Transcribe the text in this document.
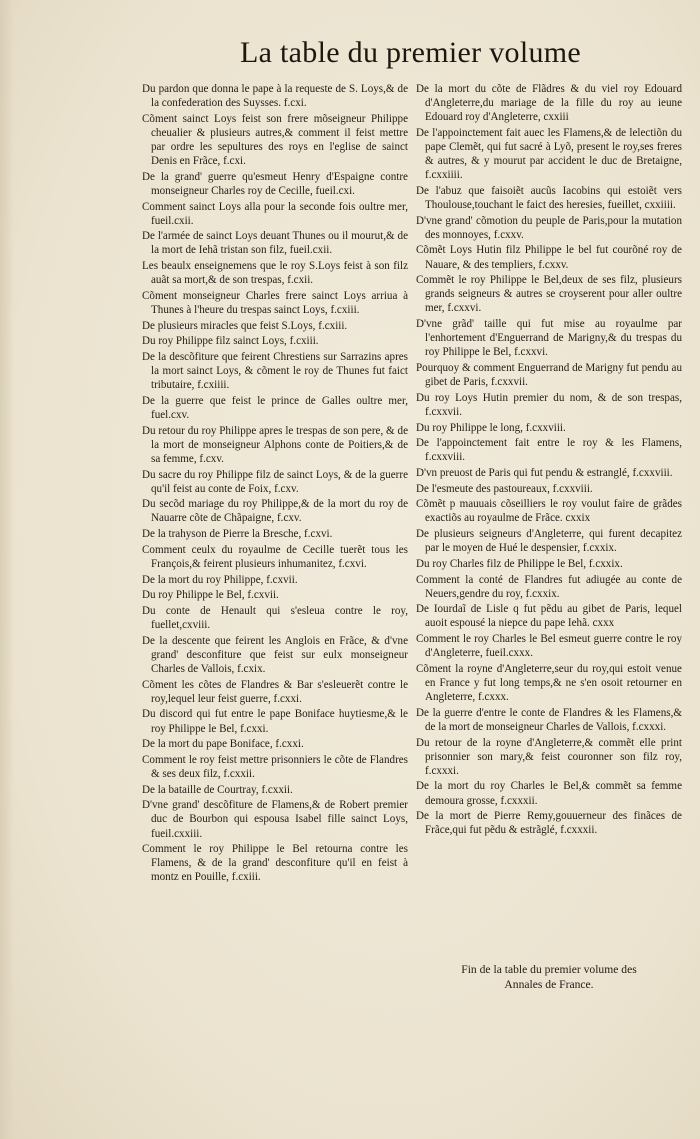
La table du premier volume

Du pardon que donna le pape à la requeste de S. Loys,& de la confederation des Suysses. f.cxi.

Cõment sainct Loys feist son frere mõseigneur Philippe cheualier & plusieurs autres,& comment il feist mettre par ordre les sepultures des roys en l'eglise de sainct Denis en Frãce, f.cxi.

De la grand' guerre qu'esmeut Henry d'Espaigne contre monseigneur Charles roy de Cecille, fueil.cxi.

Comment sainct Loys alla pour la seconde fois oultre mer, fueil.cxii.

De l'armée de sainct Loys deuant Thunes ou il mourut,& de la mort de Iehã tristan son filz, fueil.cxii.

Les beaulx enseignemens que le roy S.Loys feist à son filz auãt sa mort,& de son trespas, f.cxii.

Cõment monseigneur Charles frere sainct Loys arriua à Thunes à l'heure du trespas sainct Loys, f.cxiii.

De plusieurs miracles que feist S.Loys, f.cxiii.

Du roy Philippe filz sainct Loys, f.cxiii.

De la descõfiture que feirent Chrestiens sur Sarrazins apres la mort sainct Loys, & cõment le roy de Thunes fut faict tributaire, f.cxiiii.

De la guerre que feist le prince de Galles oultre mer, fuel.cxv.

Du retour du roy Philippe apres le trespas de son pere, & de la mort de monseigneur Alphons conte de Poitiers,& de sa femme, f.cxv.

Du sacre du roy Philippe filz de sainct Loys, & de la guerre qu'il feist au conte de Foix, f.cxv.

Du secõd mariage du roy Philippe,& de la mort du roy de Nauarre cõte de Chãpaigne, f.cxv.

De la trahyson de Pierre la Bresche, f.cxvi.

Comment ceulx du royaulme de Cecille tuerẽt tous les François,& feirent plusieurs inhumanitez, f.cxvi.

De la mort du roy Philippe, f.cxvii.

Du roy Philippe le Bel, f.cxvii.

Du conte de Henault qui s'esleua contre le roy, fuellet,cxviii.

De la descente que feirent les Anglois en Frãce, & d'vne grand' desconfiture que feist sur eulx monseigneur Charles de Vallois, f.cxix.

Cõment les cõtes de Flandres & Bar s'esleuerẽt contre le roy,lequel leur feist guerre, f.cxxi.

Du discord qui fut entre le pape Boniface huytiesme,& le roy Philippe le Bel, f.cxxi.

De la mort du pape Boniface, f.cxxi.

Comment le roy feist mettre prisonniers le cõte de Flandres & ses deux filz, f.cxxii.

De la bataille de Courtray, f.cxxii.

D'vne grand' descõfiture de Flamens,& de Robert premier duc de Bourbon qui espousa Isabel fille sainct Loys, fueil.cxxiii.

Comment le roy Philippe le Bel retourna contre les Flamens, & de la grand' desconfiture qu'il en feist à montz en Pouille, f.cxiii.

De la mort du cõte de Flãdres & du viel roy Edouard d'Angleterre,du mariage de la fille du roy au ieune Edouard roy d'Angleterre, cxxiii

De l'appoinctement fait auec les Flamens,& de lelectiõn du pape Clemẽt, qui fut sacré à Lyõ, present le roy,ses freres & autres, & y mourut par accident le duc de Bretaigne, f.cxxiiii.

De l'abuz que faisoiẽt aucũs Iacobins qui estoiẽt vers Thoulouse,touchant le faict des heresies, fueillet, cxxiiii.

D'vne grand' cõmotion du peuple de Paris,pour la mutation des monnoyes, f.cxxv.

Cõmẽt Loys Hutin filz Philippe le bel fut courõné roy de Nauare, & des templiers, f.cxxv.

Commẽt le roy Philippe le Bel,deux de ses filz, plusieurs grands seigneurs & autres se croyserent pour aller oultre mer, f.cxxvi.

D'vne grãd' taille qui fut mise au royaulme par l'enhortement d'Enguerrand de Marigny,& du trespas du roy Philippe le Bel, f.cxxvi.

Pourquoy & comment Enguerrand de Marigny fut pendu au gibet de Paris, f.cxxvii.

Du roy Loys Hutin premier du nom, & de son trespas, f.cxxvii.

Du roy Philippe le long, f.cxxviii.

De l'appoinctement fait entre le roy & les Flamens, f.cxxviii.

D'vn preuost de Paris qui fut pendu & estranglé, f.cxxviii.

De l'esmeute des pastoureaux, f.cxxviii.

Cõmẽt p mauuais cõseilliers le roy voulut faire de grãdes exactiõs au royaulme de Frãce. cxxix

De plusieurs seigneurs d'Angleterre, qui furent decapitez par le moyen de Hué le despensier, f.cxxix.

Du roy Charles filz de Philippe le Bel, f.cxxix.

Comment la conté de Flandres fut adiugée au conte de Neuers,gendre du roy, f.cxxix.

De Iourdaĩ de Lisle q fut pẽdu au gibet de Paris, lequel auoit espousé la niepce du pape Iehã. cxxx

Comment le roy Charles le Bel esmeut guerre contre le roy d'Angleterre, fueil.cxxx.

Cõment la royne d'Angleterre,seur du roy,qui estoit venue en France y fut long temps,& ne s'en osoit retourner en Angleterre, f.cxxx.

De la guerre d'entre le conte de Flandres & les Flamens,& de la mort de monseigneur Charles de Vallois, f.cxxxi.

Du retour de la royne d'Angleterre,& commẽt elle print prisonnier son mary,& feist couronner son filz roy, f.cxxxi.

De la mort du roy Charles le Bel,& commẽt sa femme demoura grosse, f.cxxxii.

De la mort de Pierre Remy,gouuerneur des finãces de Frãce,qui fut pẽdu & estrãglé, f.cxxxii.

Fin de la table du premier volume des
Annales de France.
